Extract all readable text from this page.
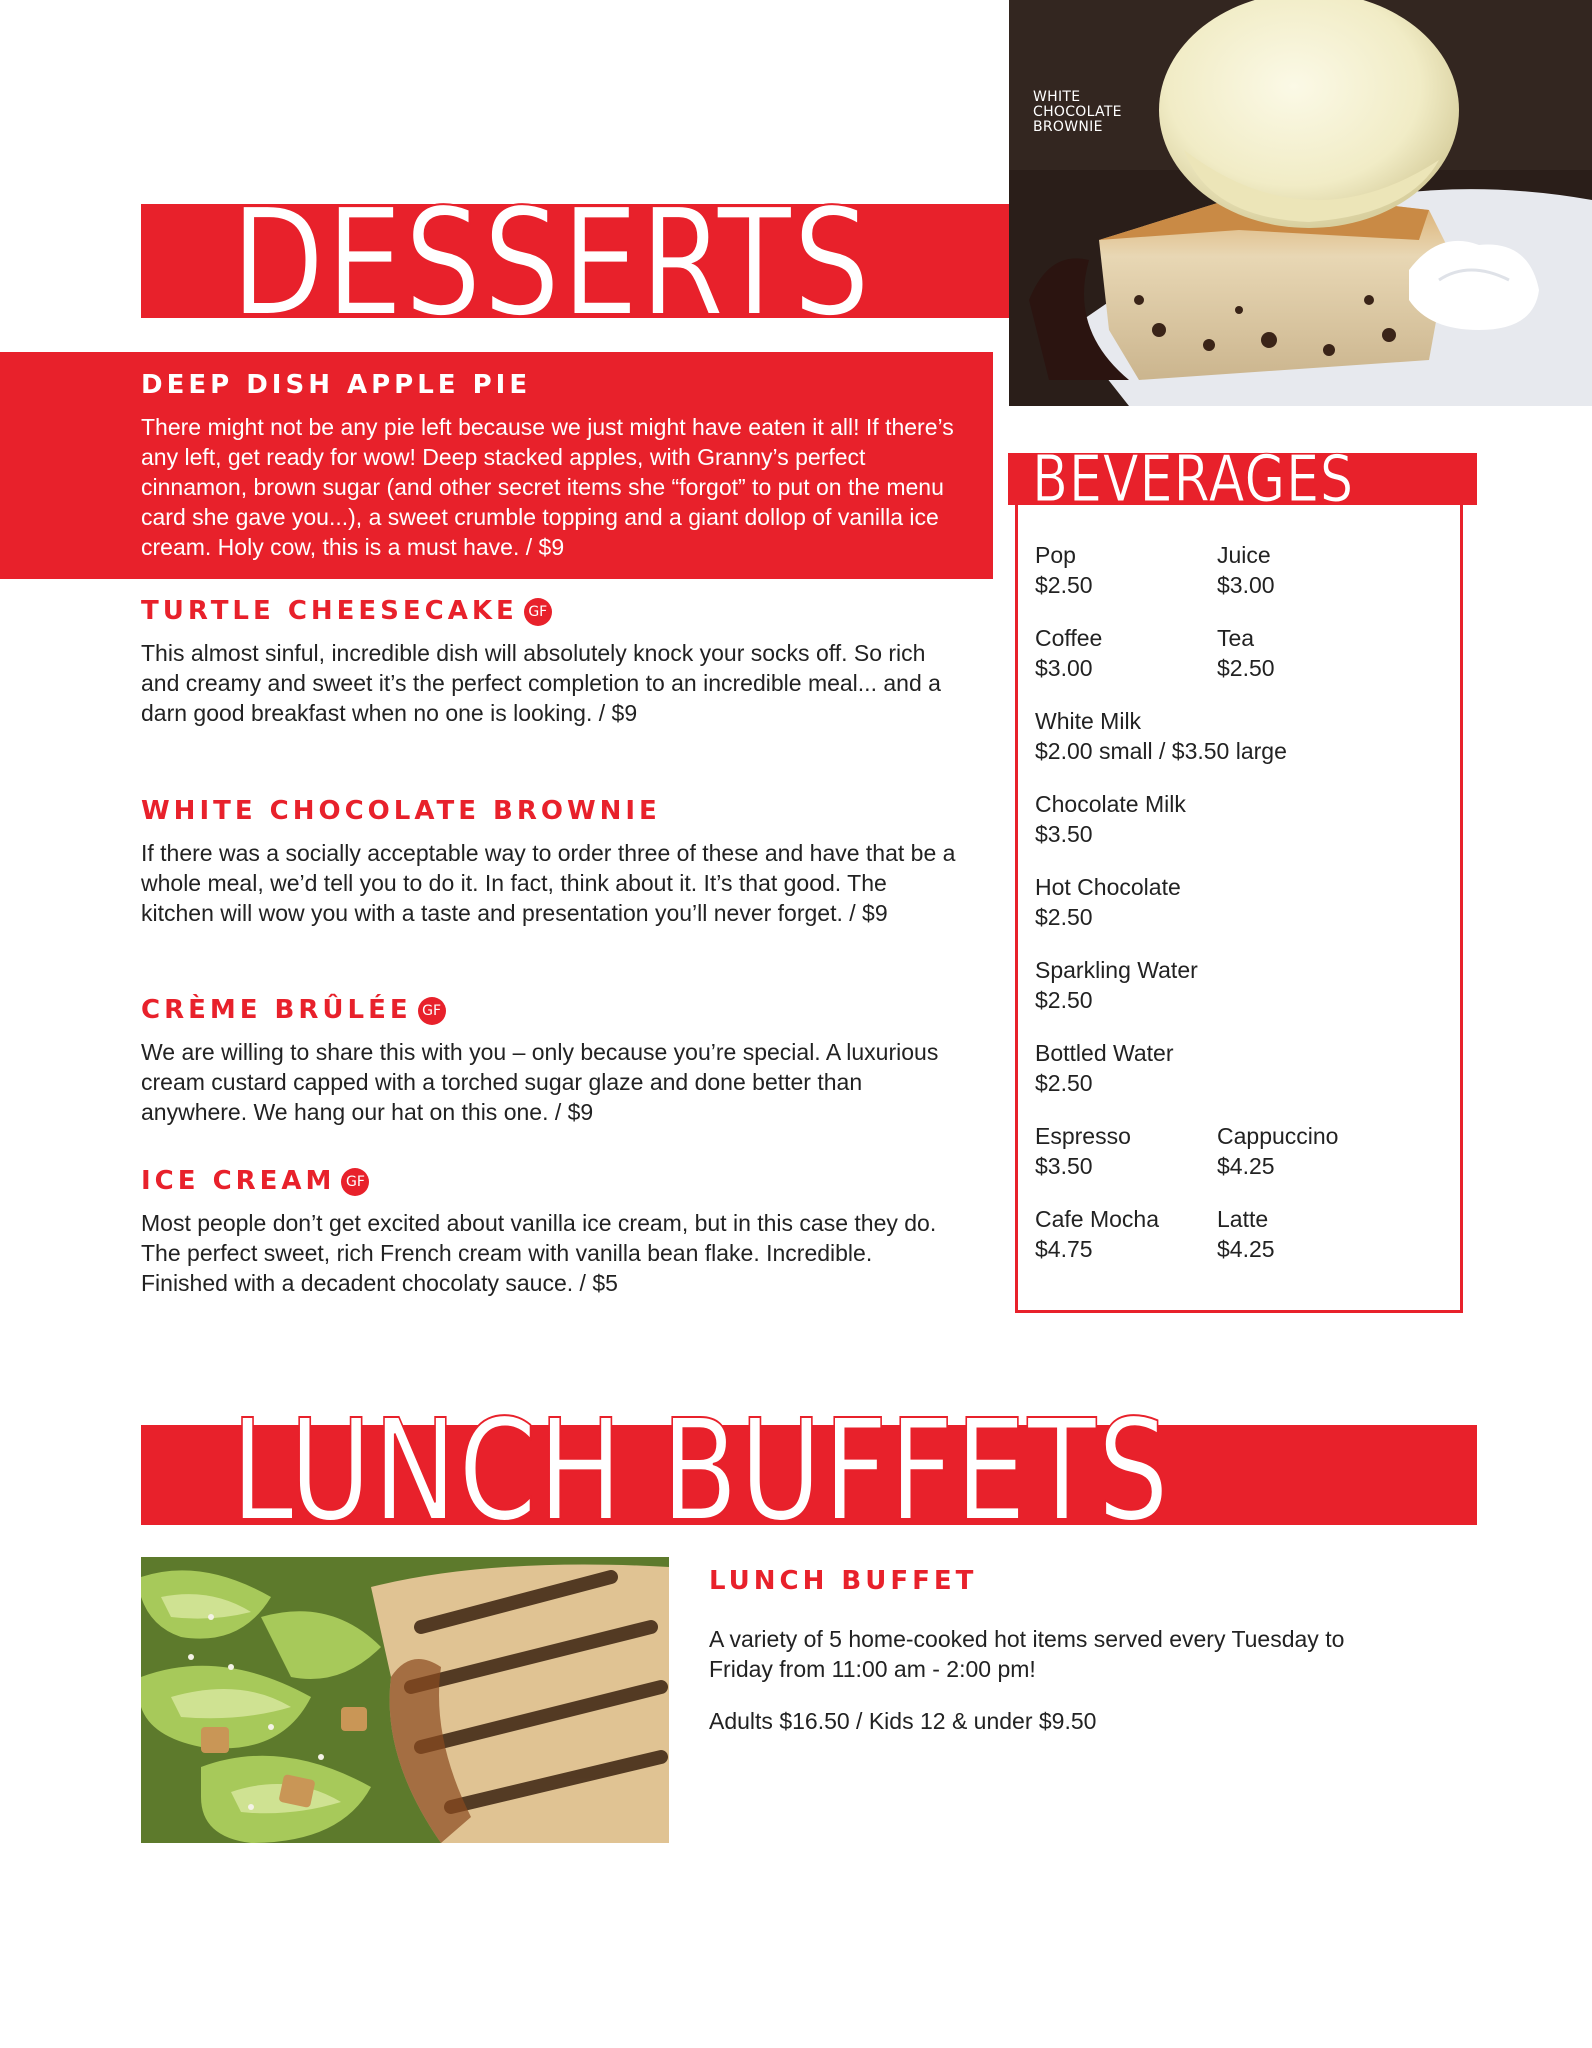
WHITE
CHOCOLATE
BROWNIE
DESSERTS
DEEP DISH APPLE PIE

There might not be any pie left because we just might have eaten it all! If there’s any left, get ready for wow! Deep stacked apples, with Granny’s perfect cinnamon, brown sugar (and other secret items she “forgot” to put on the menu card she gave you...), a sweet crumble topping and a giant dollop of vanilla ice cream. Holy cow, this is a must have. / $9

TURTLE CHEESECAKE GF

This almost sinful, incredible dish will absolutely knock your socks off. So rich and creamy and sweet it’s the perfect completion to an incredible meal... and a darn good breakfast when no one is looking. / $9

WHITE CHOCOLATE BROWNIE

If there was a socially acceptable way to order three of these and have that be a whole meal, we’d tell you to do it. In fact, think about it. It’s that good. The kitchen will wow you with a taste and presentation you’ll never forget. / $9

CRÈME BRÛLÉE GF

We are willing to share this with you – only because you’re special. A luxurious cream custard capped with a torched sugar glaze and done better than anywhere. We hang our hat on this one. / $9

ICE CREAM GF

Most people don’t get excited about vanilla ice cream, but in this case they do. The perfect sweet, rich French cream with vanilla bean flake. Incredible. Finished with a decadent chocolaty sauce. / $5

BEVERAGES
Pop
$2.50
Juice
$3.00
Coffee
$3.00
Tea
$2.50
White Milk
$2.00 small / $3.50 large
Chocolate Milk
$3.50
Hot Chocolate
$2.50
Sparkling Water
$2.50
Bottled Water
$2.50
Espresso
$3.50
Cappuccino
$4.25
Cafe Mocha
$4.75
Latte
$4.25
LUNCH BUFFETS
LUNCH BUFFET

A variety of 5 home-cooked hot items served every Tuesday to Friday from 11:00 am - 2:00 pm!

Adults $16.50 / Kids 12 & under $9.50
